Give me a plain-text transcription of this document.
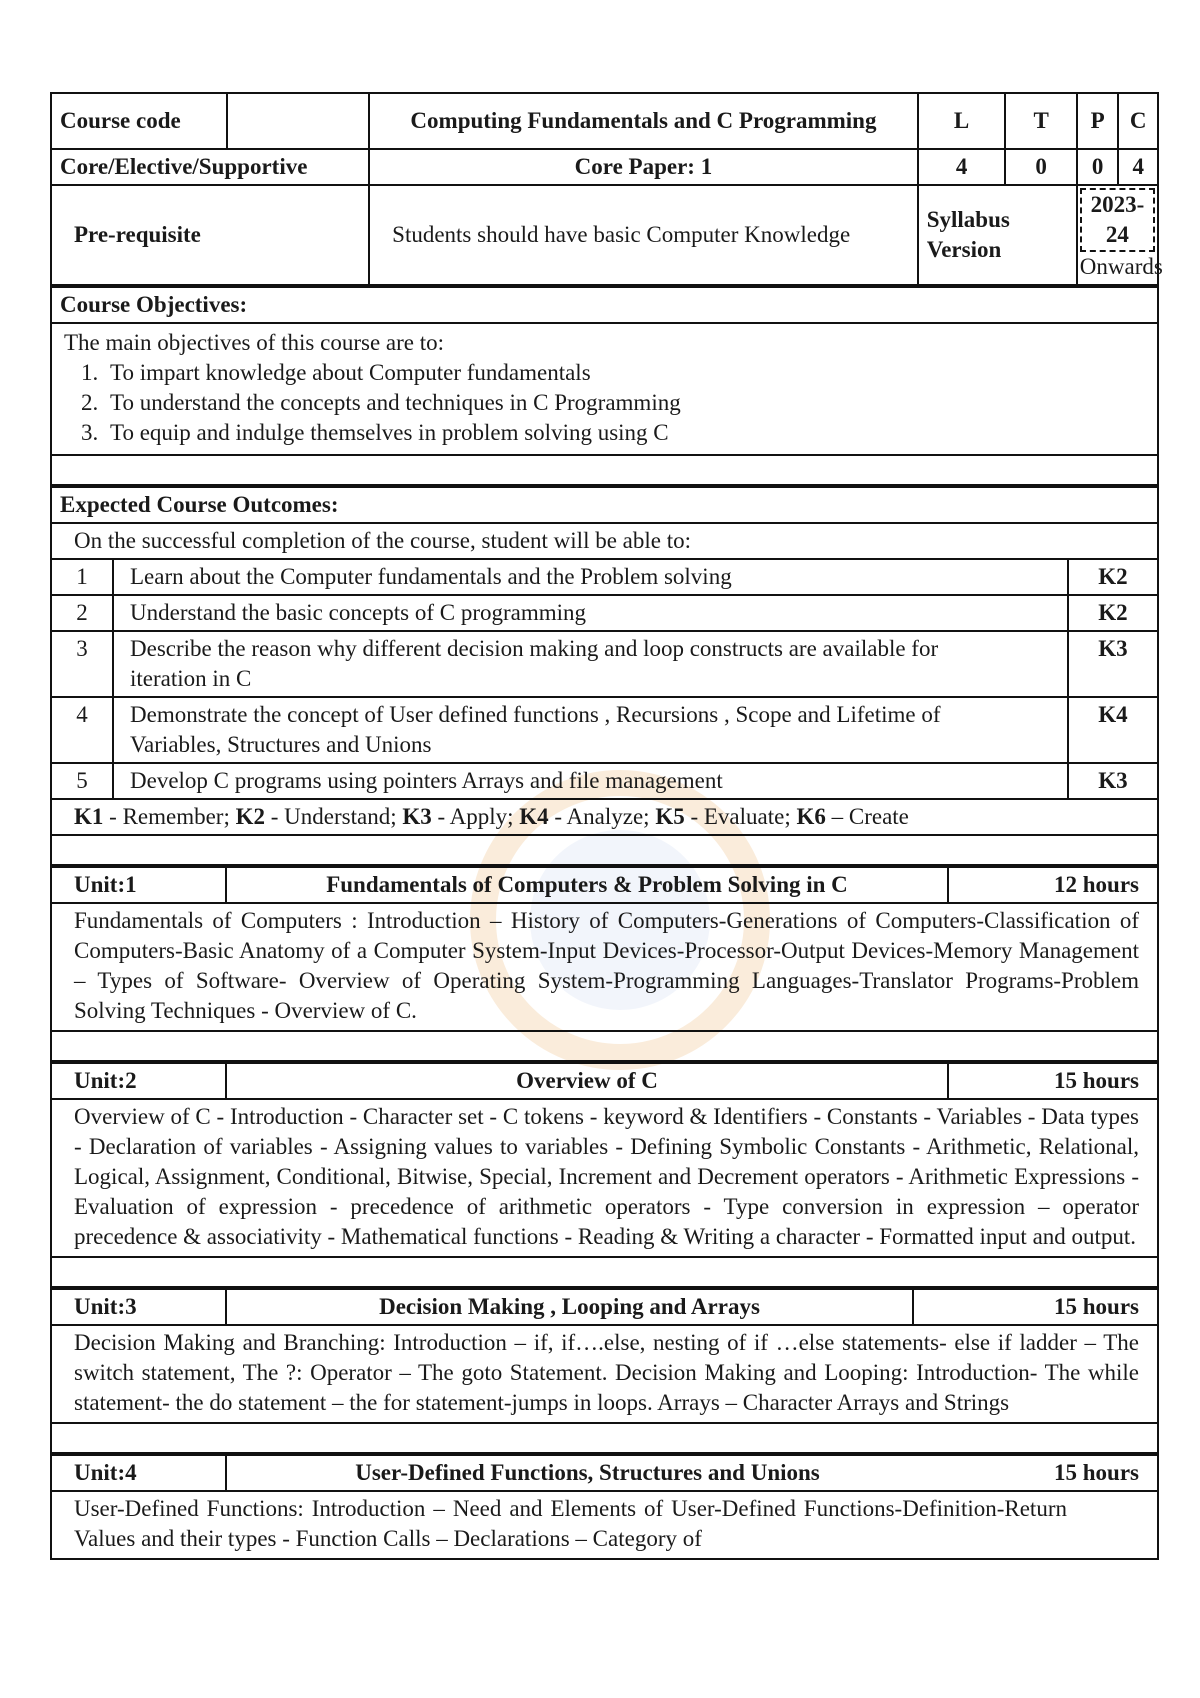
Course code		Computing Fundamentals and C Programming	L	T	P	C
Core/Elective/Supportive		Core Paper: 1	4	0	0	4
Pre-requisite		Students should have basic Computer Knowledge	Syllabus Version		2023-24
Onwards	
Course Objectives:

The main objectives of this course are to:
1. To impart knowledge about Computer fundamentals
2. To understand the concepts and techniques in C Programming
3. To equip and indulge themselves in problem solving using C

Expected Course Outcomes:		
On the successful completion of the course, student will be able to:		
1	Learn about the Computer fundamentals and the Problem solving	K2
2	Understand the basic concepts of C programming	K2
3	Describe the reason why different decision making and loop constructs are available for iteration in C	K3
4	Demonstrate the concept of User defined functions , Recursions , Scope and Lifetime of Variables, Structures and Unions	K4
5	Develop C programs using pointers Arrays and file management	K3
K1 - Remember; K2 - Understand; K3 - Apply; K4 - Analyze; K5 - Evaluate; K6 – Create		

Unit:1	Fundamentals of Computers & Problem Solving in C	12 hours
Fundamentals of Computers : Introduction – History of Computers-Generations of Computers-Classification of Computers-Basic Anatomy of a Computer System-Input Devices-Processor-Output Devices-Memory Management – Types of Software- Overview of Operating System-Programming Languages-Translator Programs-Problem Solving Techniques - Overview of C.

Unit:2	Overview of C	15 hours
Overview of C - Introduction - Character set - C tokens - keyword & Identifiers - Constants - Variables - Data types - Declaration of variables - Assigning values to variables - Defining Symbolic Constants - Arithmetic, Relational, Logical, Assignment, Conditional, Bitwise, Special, Increment and Decrement operators - Arithmetic Expressions - Evaluation of expression - precedence of arithmetic operators - Type conversion in expression – operator precedence & associativity - Mathematical functions - Reading & Writing a character - Formatted input and output.

Unit:3	Decision Making , Looping and Arrays	15 hours
Decision Making and Branching: Introduction – if, if….else, nesting of if …else statements- else if ladder – The switch statement, The ?: Operator – The goto Statement. Decision Making and Looping: Introduction- The while statement- the do statement – the for statement-jumps in loops. Arrays – Character Arrays and Strings

Unit:4	User-Defined Functions, Structures and Unions	15 hours
User-Defined Functions: Introduction – Need and Elements of User-Defined Functions-Definition-Return Values and their types - Function Calls – Declarations – Category of
